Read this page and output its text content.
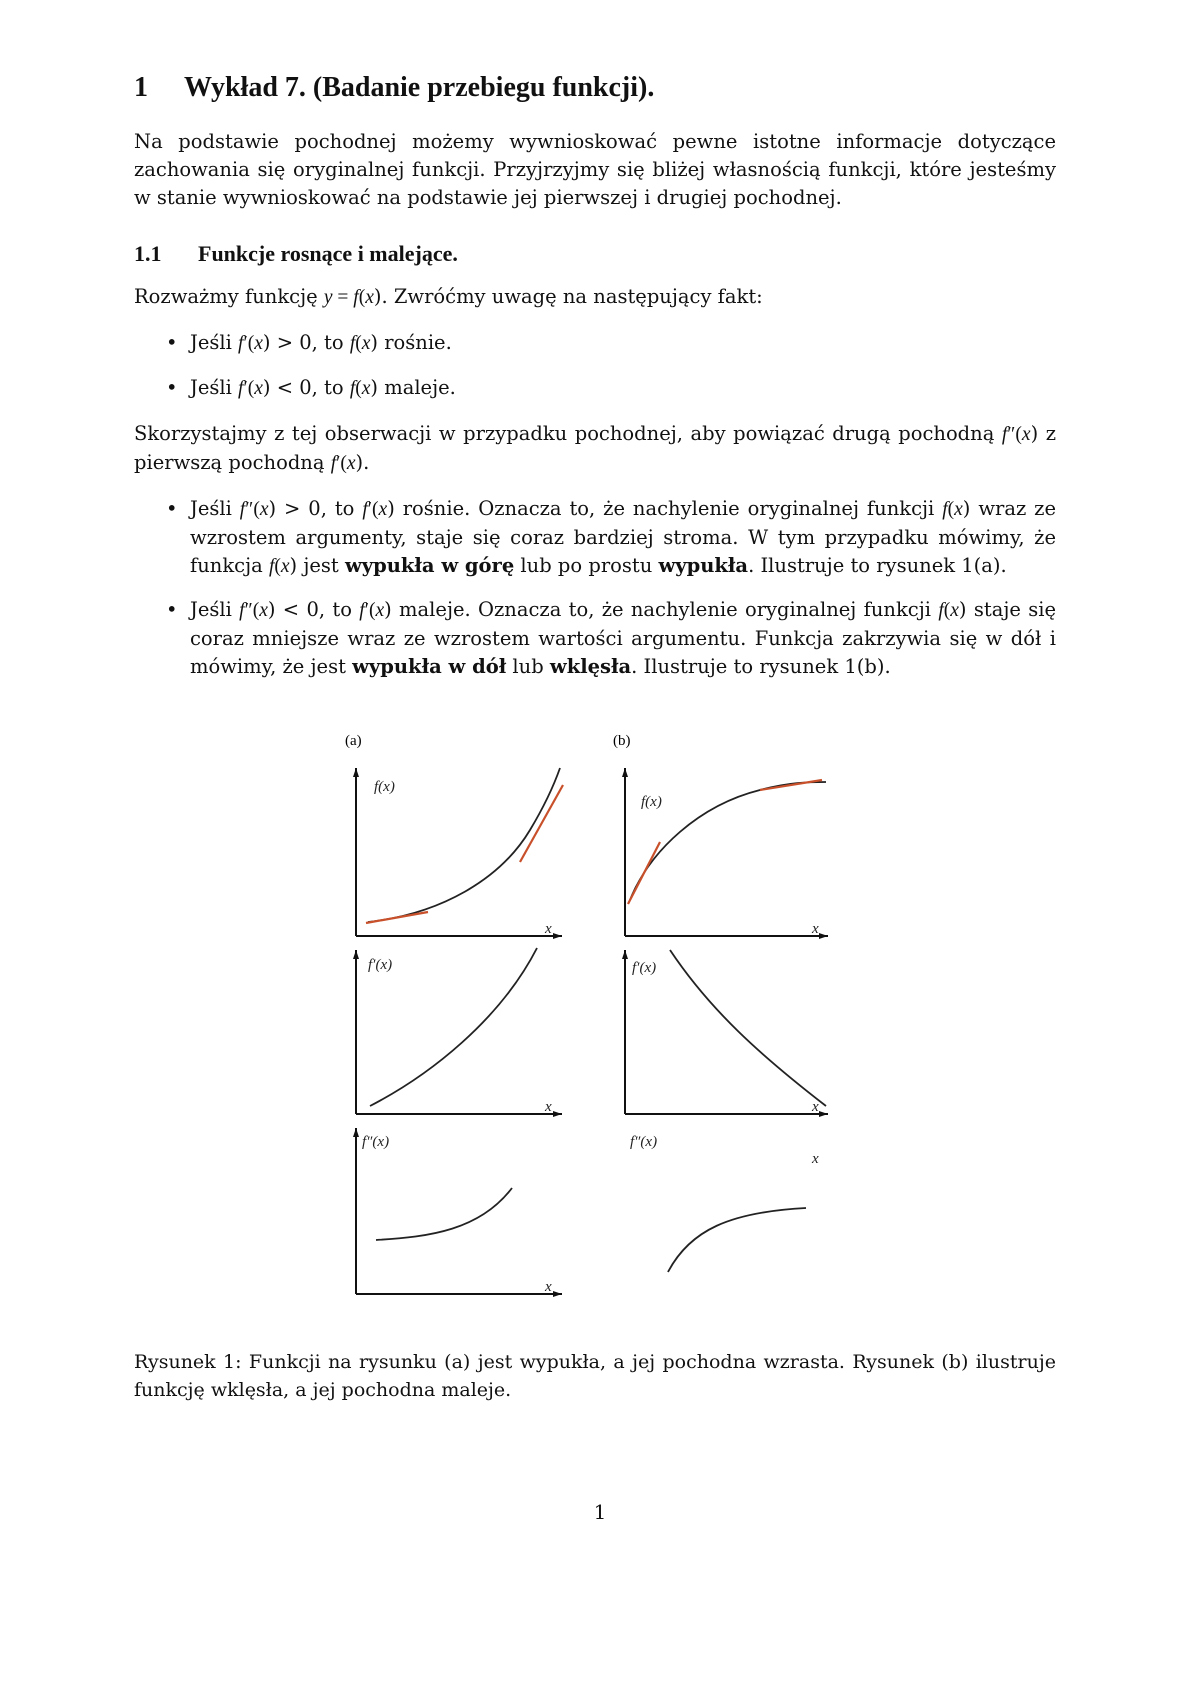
1 Wykład 7. (Badanie przebiegu funkcji).
Na podstawie pochodnej możemy wywnioskować pewne istotne informacje dotyczące zachowania się oryginalnej funkcji. Przyjrzyjmy się bliżej własnością funkcji, które jesteśmy w stanie wywnioskować na podstawie jej pierwszej i drugiej pochodnej.
1.1 Funkcje rosnące i malejące.
Rozważmy funkcję y = f(x). Zwróćmy uwagę na następujący fakt:
• Jeśli f′(x) > 0, to f(x) rośnie.
• Jeśli f′(x) < 0, to f(x) maleje.
Skorzystajmy z tej obserwacji w przypadku pochodnej, aby powiązać drugą pochodną f″(x) z pierwszą pochodną f′(x).
• Jeśli f″(x) > 0, to f′(x) rośnie. Oznacza to, że nachylenie oryginalnej funkcji f(x) wraz ze wzrostem argumenty, staje się coraz bardziej stroma. W tym przypadku mówimy, że funkcja f(x) jest wypukła w górę lub po prostu wypukła. Ilustruje to rysunek 1(a).
• Jeśli f″(x) < 0, to f′(x) maleje. Oznacza to, że nachylenie oryginalnej funkcji f(x) staje się coraz mniejsze wraz ze wzrostem wartości argumentu. Funkcja zakrzywia się w dół i mówimy, że jest wypukła w dół lub wklęsła. Ilustruje to rysunek 1(b).
(a)	(b)
f(x)
f(x)
f′(x)	f′(x)
f″(x)	f″(x)
x	x
x	x
x
x
Rysunek 1: Funkcji na rysunku (a) jest wypukła, a jej pochodna wzrasta. Rysunek (b) ilustruje funkcję wklęsła, a jej pochodna maleje.
1
